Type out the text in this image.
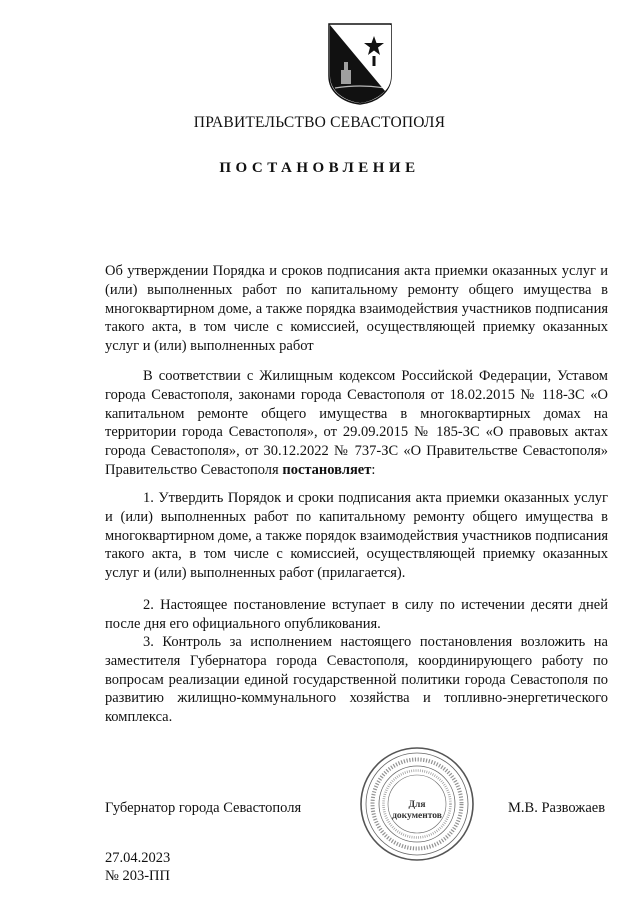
ПРАВИТЕЛЬСТВО СЕВАСТОПОЛЯ
ПОСТАНОВЛЕНИЕ

Об утверждении Порядка и сроков подписания акта приемки оказанных услуг и (или) выполненных работ по капитальному ремонту общего имущества в многоквартирном доме, а также порядка взаимодействия участников подписания такого акта, в том числе с комиссией, осуществляющей приемку оказанных услуг и (или) выполненных работ

В соответствии с Жилищным кодексом Российской Федерации, Уставом города Севастополя, законами города Севастополя от 18.02.2015 № 118-ЗС «О капитальном ремонте общего имущества в многоквартирных домах на территории города Севастополя», от 29.09.2015 № 185-ЗС «О правовых актах города Севастополя», от 30.12.2022 № 737-ЗС «О Правительстве Севастополя» Правительство Севастополя постановляет:

1. Утвердить Порядок и сроки подписания акта приемки оказанных услуг и (или) выполненных работ по капитальному ремонту общего имущества в многоквартирном доме, а также порядок взаимодействия участников подписания такого акта, в том числе с комиссией, осуществляющей приемку оказанных услуг и (или) выполненных работ (прилагается).

2. Настоящее постановление вступает в силу по истечении десяти дней после дня его официального опубликования.

3. Контроль за исполнением настоящего постановления возложить на заместителя Губернатора города Севастополя, координирующего работу по вопросам реализации единой государственной политики города Севастополя по развитию жилищно-коммунального хозяйства и топливно-энергетического комплекса.

Губернатор города Севастополя	Для
документов	М.В. Развожаев
27.04.2023
№ 203-ПП
